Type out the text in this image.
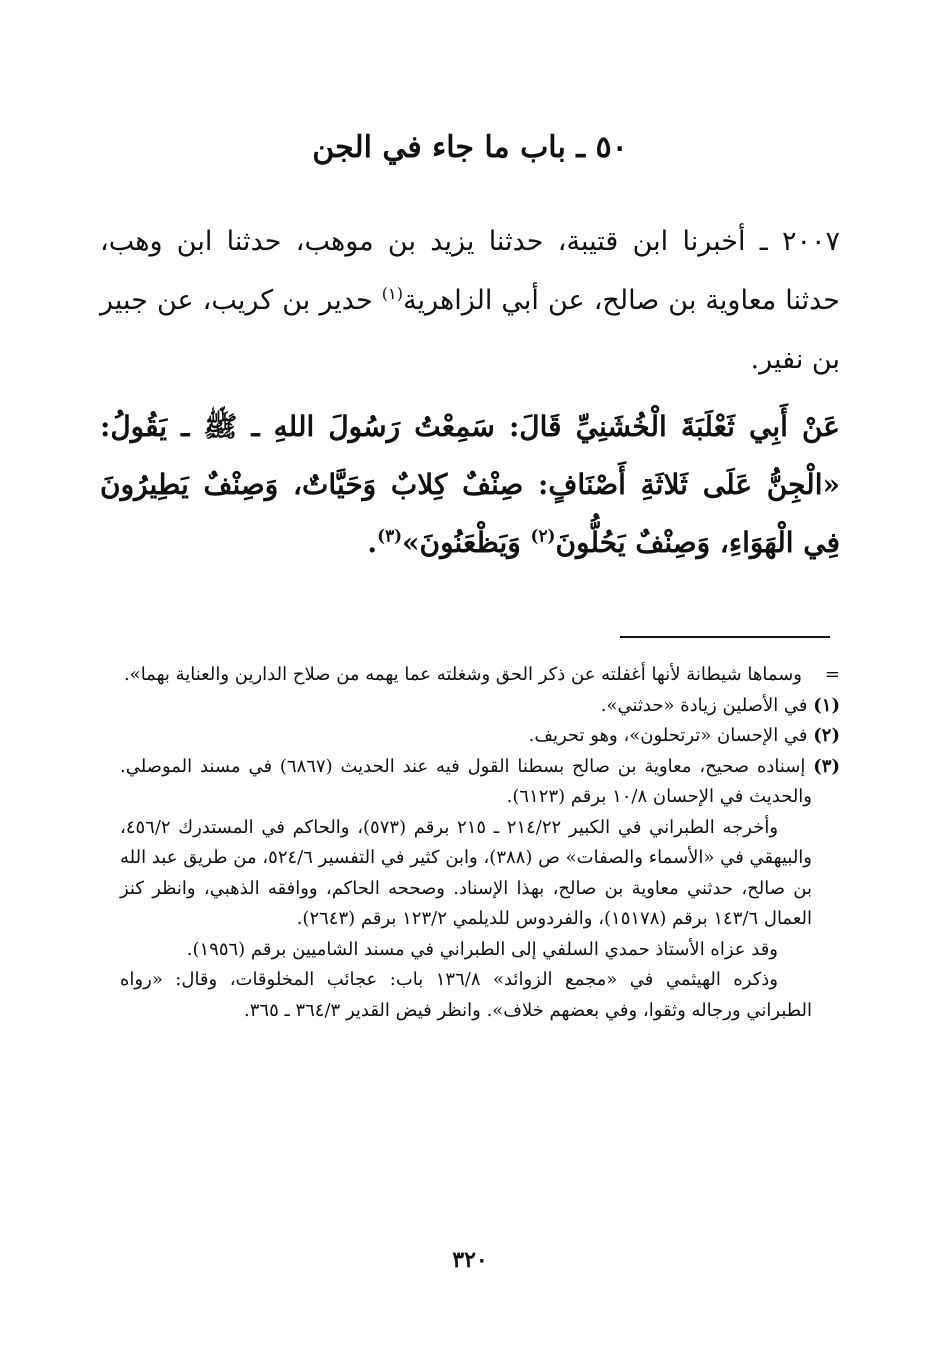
٥٠ ـ باب ما جاء في الجن

٢٠٠٧ ـ أخبرنا ابن قتيبة، حدثنا يزيد بن موهب، حدثنا ابن وهب، حدثنا معاوية بن صالح، عن أبي الزاهرية$^{(١)}$ حدير بن كريب، عن جبير بن نفير.

عَنْ أَبِي ثَعْلَبَةَ الْخُشَنِيِّ قَالَ: سَمِعْتُ رَسُولَ اللهِ ـ ﷺ ـ يَقُولُ: «الْجِنُّ عَلَى ثَلاثَةِ أَصْنَافٍ: صِنْفٌ كِلابٌ وَحَيَّاتٌ، وَصِنْفٌ يَطِيرُونَ فِي الْهَوَاءِ، وَصِنْفٌ يَحُلُّونَ$^{(٢)}$ وَيَظْعَنُونَ»$^{(٣)}$.

=    وسماها شيطانة لأنها أغفلته عن ذكر الحق وشغلته عما يهمه من صلاح الدارين والعناية بهما».

(١) في الأصلين زيادة «حدثني».

(٢) في الإحسان «ترتحلون»، وهو تحريف.

(٣) إسناده صحيح، معاوية بن صالح بسطنا القول فيه عند الحديث (٦٨٦٧) في مسند الموصلي. والحديث في الإحسان ١٠/٨ برقم (٦١٢٣).

وأخرجه الطبراني في الكبير ٢١٤/٢٢ ـ ٢١٥ برقم (٥٧٣)، والحاكم في المستدرك ٤٥٦/٢، والبيهقي في «الأسماء والصفات» ص (٣٨٨)، وابن كثير في التفسير ٥٢٤/٦، من طريق عبد الله بن صالح، حدثني معاوية بن صالح، بهذا الإسناد. وصححه الحاكم، ووافقه الذهبي، وانظر كنز العمال ١٤٣/٦ برقم (١٥١٧٨)، والفردوس للديلمي ١٢٣/٢ برقم (٢٦٤٣).

وقد عزاه الأستاذ حمدي السلفي إلى الطبراني في مسند الشاميين برقم (١٩٥٦).

وذكره الهيثمي في «مجمع الزوائد» ١٣٦/٨ باب: عجائب المخلوقات، وقال: «رواه الطبراني ورجاله وثقوا، وفي بعضهم خلاف». وانظر فيض القدير ٣٦٤/٣ ـ ٣٦٥.

٣٢٠
